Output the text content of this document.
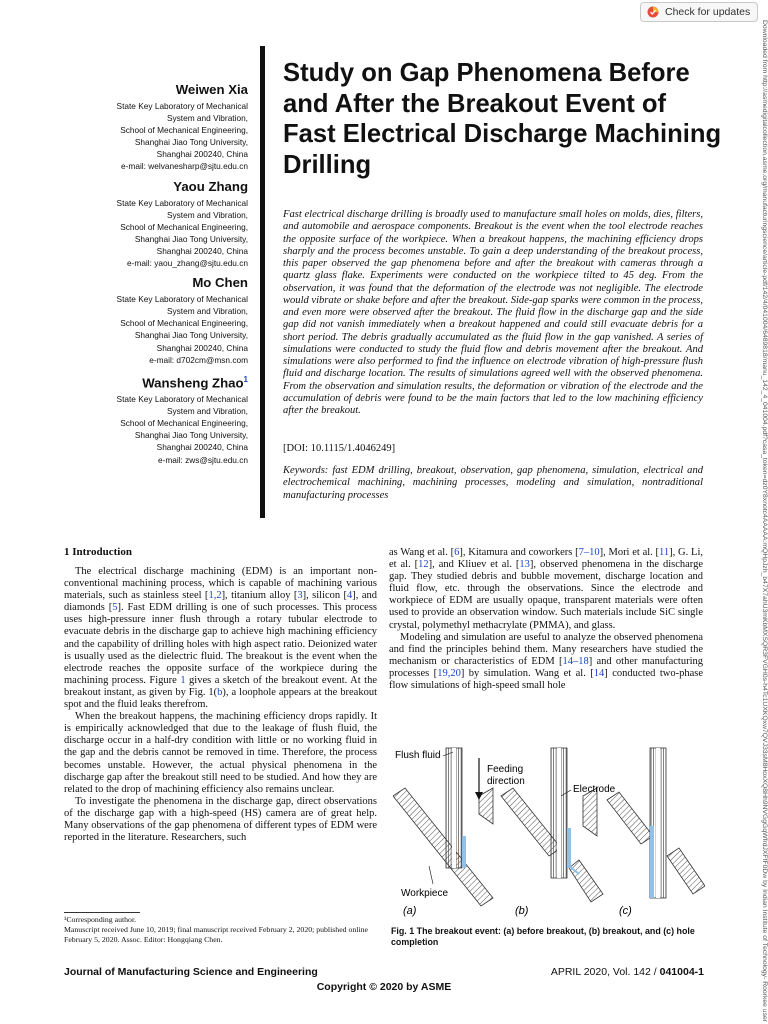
Check for updates
Downloaded from http://asmedigitalcollection.asme.org/manufacturingscience/article-pdf/142/4/041004/6489818/manu_142_4_041004.pdf?casa_token=dz0Y8xnotc4AAAAA:mQHpJzh_b47X7ahU3mKbMXSQR3FVGH0s-h4Tc1UXKQxw7QVJ33sM8HoxXQ8Hh9NVGgGqWfrdJXFfF0Dw by Indian Institute of Technology- Roorkee user
Weiwen Xia
State Key Laboratory of Mechanical
System and Vibration,
School of Mechanical Engineering,
Shanghai Jiao Tong University,
Shanghai 200240, China
e-mail: welvanesharp@sjtu.edu.cn
Yaou Zhang
State Key Laboratory of Mechanical
System and Vibration,
School of Mechanical Engineering,
Shanghai Jiao Tong University,
Shanghai 200240, China
e-mail: yaou_zhang@sjtu.edu.cn
Mo Chen
State Key Laboratory of Mechanical
System and Vibration,
School of Mechanical Engineering,
Shanghai Jiao Tong University,
Shanghai 200240, China
e-mail: d702cm@msn.com
Wansheng Zhao$^1$
State Key Laboratory of Mechanical
System and Vibration,
School of Mechanical Engineering,
Shanghai Jiao Tong University,
Shanghai 200240, China
e-mail: zws@sjtu.edu.cn
Study on Gap Phenomena Before and After the Breakout Event of Fast Electrical Discharge Machining Drilling
Fast electrical discharge drilling is broadly used to manufacture small holes on molds, dies, filters, and automobile and aerospace components. Breakout is the event when the tool electrode reaches the opposite surface of the workpiece. When a breakout happens, the machining efficiency drops sharply and the process becomes unstable. To gain a deep understanding of the breakout process, this paper observed the gap phenomena before and after the breakout with cameras through a quartz glass flake. Experiments were conducted on the workpiece tilted to 45 deg. From the observation, it was found that the deformation of the electrode was not negligible. The electrode would vibrate or shake before and after the breakout. Side-gap sparks were common in the process, and even more were observed after the breakout. The fluid flow in the discharge gap and the side gap did not vanish immediately when a breakout happened and could still evacuate debris for a short period. The debris gradually accumulated as the fluid flow in the gap vanished. A series of simulations were conducted to study the fluid flow and debris movement after the breakout. And simulations were also performed to find the influence on electrode vibration of high-pressure flush fluid and discharge location. The results of simulations agreed well with the observed phenomena. From the observation and simulation results, the deformation or vibration of the electrode and the accumulation of debris were found to be the main factors that led to the low machining efficiency after the breakout.
[DOI: 10.1115/1.4046249]
Keywords: fast EDM drilling, breakout, observation, gap phenomena, simulation, electrical and electrochemical machining, machining processes, modeling and simulation, nontraditional manufacturing processes
1 Introduction

The electrical discharge machining (EDM) is an important non-conventional machining process, which is capable of machining various materials, such as stainless steel [1,2], titanium alloy [3], silicon [4], and diamonds [5]. Fast EDM drilling is one of such processes. This process uses high-pressure inner flush through a rotary tubular electrode to evacuate debris in the discharge gap to achieve high machining efficiency and the capability of drilling holes with high aspect ratio. Deionized water is usually used as the dielectric fluid. The breakout is the event when the electrode reaches the opposite surface of the workpiece during the machining process. Figure 1 gives a sketch of the breakout event. At the breakout instant, as given by Fig. 1(b), a loophole appears at the breakout spot and the fluid leaks therefrom.

When the breakout happens, the machining efficiency drops rapidly. It is empirically acknowledged that due to the leakage of flush fluid, the discharge occur in a half-dry condition with little or no working fluid in the gap and the debris cannot be removed in time. Therefore, the process becomes unstable. However, the actual physical phenomena in the discharge gap after the breakout still need to be studied. And how they are related to the drop of machining efficiency also remains unclear.

To investigate the phenomena in the discharge gap, direct observations of the discharge gap with a high-speed (HS) camera are of great help. Many observations of the gap phenomena of different types of EDM were reported in the literature. Researchers, such

as Wang et al. [6], Kitamura and coworkers [7–10], Mori et al. [11], G. Li, et al. [12], and Kliuev et al. [13], observed phenomena in the discharge gap. They studied debris and bubble movement, discharge location and fluid flow, etc. through the observations. Since the electrode and workpiece of EDM are usually opaque, transparent materials were often used to provide an observation window. Such materials include SiC single crystal, polymethyl methacrylate (PMMA), and glass.

Modeling and simulation are useful to analyze the observed phenomena and find the principles behind them. Many researchers have studied the mechanism or characteristics of EDM [14–18] and other manufacturing processes [19,20] by simulation. Wang et al. [14] conducted two-phase flow simulations of high-speed small hole

Flush fluid
Feeding
direction
Electrode
Workpiece
(a)	(b)	(c)
Fig. 1 The breakout event: (a) before breakout, (b) breakout, and (c) hole completion
¹Corresponding author.
Manuscript received June 10, 2019; final manuscript received February 2, 2020; published online February 5, 2020. Assoc. Editor: Hongqiang Chen.
Journal of Manufacturing Science and Engineering	APRIL 2020, Vol. 142 / 041004-1
Copyright © 2020 by ASME
